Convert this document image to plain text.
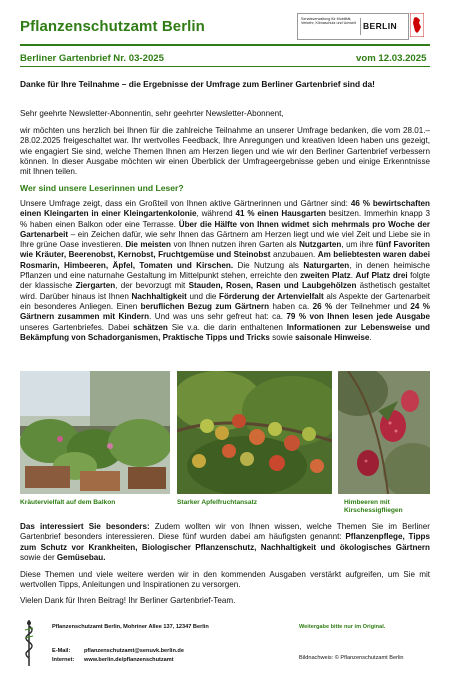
Pflanzenschutzamt Berlin	Senatsverwaltung für Mobilität, Verkehr, Klimaschutz und Umwelt BERLIN
Berliner Gartenbrief Nr. 03-2025	vom 12.03.2025
Danke für Ihre Teilnahme – die Ergebnisse der Umfrage zum Berliner Gartenbrief sind da!

Sehr geehrte Newsletter-Abonnentin, sehr geehrter Newsletter-Abonnent,

wir möchten uns herzlich bei Ihnen für die zahlreiche Teilnahme an unserer Umfrage bedanken, die vom 28.01.– 28.02.2025 freigeschaltet war. Ihr wertvolles Feedback, Ihre Anregungen und kreativen Ideen haben uns gezeigt, wie engagiert Sie sind, welche Themen Ihnen am Herzen liegen und wie wir den Berliner Gartenbrief verbessern können. In dieser Ausgabe möchten wir einen Überblick der Umfrageergebnisse geben und einige Erkenntnisse mit Ihnen teilen.

Wer sind unsere Leserinnen und Leser?

Unsere Umfrage zeigt, dass ein Großteil von Ihnen aktive Gärtnerinnen und Gärtner sind: 46 % bewirtschaften einen Kleingarten in einer Kleingartenkolonie, während 41 % einen Hausgarten besitzen. Immerhin knapp 3 % haben einen Balkon oder eine Terrasse. Über die Hälfte von Ihnen widmet sich mehrmals pro Woche der Gartenarbeit – ein Zeichen dafür, wie sehr Ihnen das Gärtnern am Herzen liegt und wie viel Zeit und Liebe sie in Ihre grüne Oase investieren. Die meisten von Ihnen nutzen ihren Garten als Nutzgarten, um ihre fünf Favoriten wie Kräuter, Beerenobst, Kernobst, Fruchtgemüse und Steinobst anzubauen. Am beliebtesten waren dabei Rosmarin, Himbeeren, Äpfel, Tomaten und Kirschen. Die Nutzung als Naturgarten, in denen heimische Pflanzen und eine naturnahe Gestaltung im Mittelpunkt stehen, erreichte den zweiten Platz. Auf Platz drei folgte der klassische Ziergarten, der bevorzugt mit Stauden, Rosen, Rasen und Laubgehölzen ästhetisch gestaltet wird. Darüber hinaus ist Ihnen Nachhaltigkeit und die Förderung der Artenvielfalt als Aspekte der Gartenarbeit ein besonderes Anliegen. Einen beruflichen Bezug zum Gärtnern haben ca. 26 % der Teilnehmer und 24 % Gärtnern zusammen mit Kindern. Und was uns sehr gefreut hat: ca. 79 % von Ihnen lesen jede Ausgabe unseres Gartenbriefes. Dabei schätzen Sie v.a. die darin enthaltenen Informationen zur Lebensweise und Bekämpfung von Schadorganismen, Praktische Tipps und Tricks sowie saisonale Hinweise.

Kräutervielfalt auf dem Balkon	Starker Apfelfruchtansatz	Himbeeren mit Kirschessigfliegen

Das interessiert Sie besonders: Zudem wollten wir von Ihnen wissen, welche Themen Sie im Berliner Gartenbrief besonders interessieren. Diese fünf wurden dabei am häufigsten genannt: Pflanzenpflege, Tipps zum Schutz vor Krankheiten, Biologischer Pflanzenschutz, Nachhaltigkeit und ökologisches Gärtnern sowie der Gemüsebau.

Diese Themen und viele weitere werden wir in den kommenden Ausgaben verstärkt aufgreifen, um Sie mit wertvollen Tipps, Anleitungen und Inspirationen zu versorgen.

Vielen Dank für Ihren Beitrag! Ihr Berliner Gartenbrief-Team.

Pflanzenschutzamt Berlin, Mohriner Allee 137, 12347 Berlin	Weitergabe bitte nur im Original.
E-Mail: pflanzenschutzamt@senuvk.berlin.de
Internet: www.berlin.de/pflanzenschutzamt	Bildnachweis: © Pflanzenschutzamt Berlin
